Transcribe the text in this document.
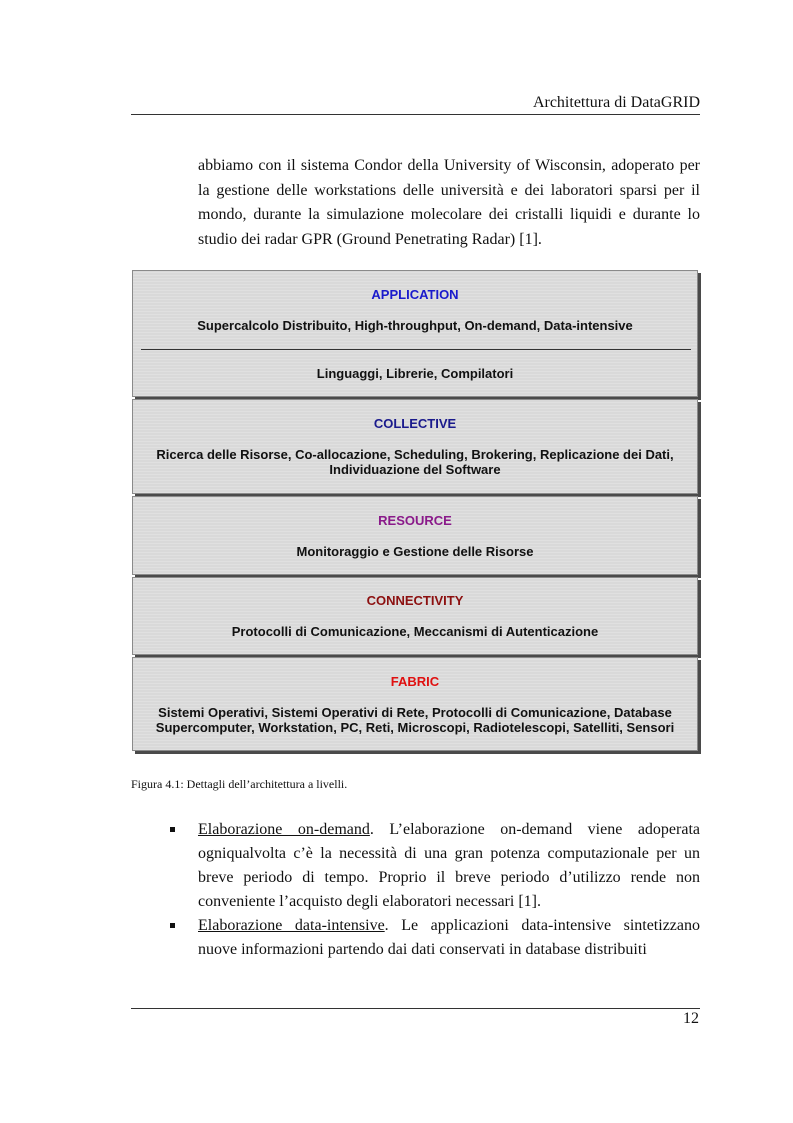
Architettura di DataGRID

abbiamo con il sistema Condor della University of Wisconsin, adoperato per la gestione delle workstations delle università e dei laboratori sparsi per il mondo, durante la simulazione molecolare dei cristalli liquidi e durante lo studio dei radar GPR (Ground Penetrating Radar) [1].

APPLICATION
Supercalcolo Distribuito, High-throughput, On-demand, Data-intensive
Linguaggi, Librerie, Compilatori
COLLECTIVE
Ricerca delle Risorse, Co-allocazione, Scheduling, Brokering, Replicazione dei Dati,
Individuazione del Software
RESOURCE
Monitoraggio e Gestione delle Risorse
CONNECTIVITY
Protocolli di Comunicazione, Meccanismi di Autenticazione
FABRIC
Sistemi Operativi, Sistemi Operativi di Rete, Protocolli di Comunicazione, Database
Supercomputer, Workstation, PC, Reti, Microscopi, Radiotelescopi, Satelliti, Sensori
Figura 4.1: Dettagli dell’architettura a livelli.

Elaborazione on-demand. L’elaborazione on-demand viene adoperata ogniqualvolta c’è la necessità di una gran potenza computazionale per un breve periodo di tempo. Proprio il breve periodo d’utilizzo rende non conveniente l’acquisto degli elaboratori necessari [1].

Elaborazione data-intensive. Le applicazioni data-intensive sintetizzano nuove informazioni partendo dai dati conservati in database distribuiti

12
